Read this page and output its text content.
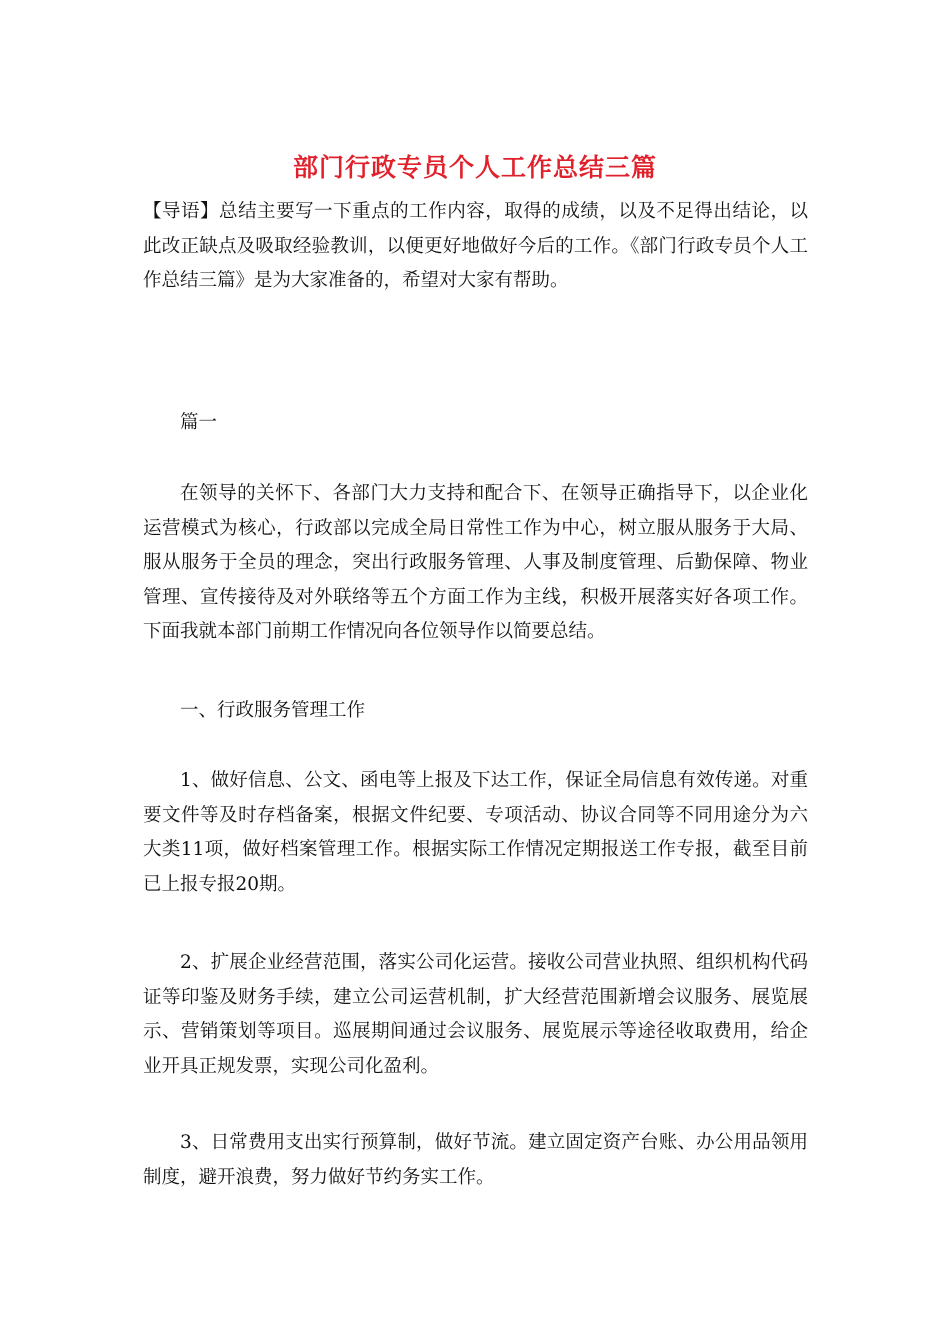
部门行政专员个人工作总结三篇

【导语】总结主要写一下重点的工作内容，取得的成绩，以及不足得出结论，以此改正缺点及吸取经验教训，以便更好地做好今后的工作。《部门行政专员个人工作总结三篇》是为大家准备的，希望对大家有帮助。

篇一

在领导的关怀下、各部门大力支持和配合下、在领导正确指导下，以企业化运营模式为核心，行政部以完成全局日常性工作为中心，树立服从服务于大局、服从服务于全员的理念，突出行政服务管理、人事及制度管理、后勤保障、物业管理、宣传接待及对外联络等五个方面工作为主线，积极开展落实好各项工作。下面我就本部门前期工作情况向各位领导作以简要总结。

一、行政服务管理工作

1、做好信息、公文、函电等上报及下达工作，保证全局信息有效传递。对重要文件等及时存档备案，根据文件纪要、专项活动、协议合同等不同用途分为六大类11项，做好档案管理工作。根据实际工作情况定期报送工作专报，截至目前已上报专报20期。

2、扩展企业经营范围，落实公司化运营。接收公司营业执照、组织机构代码证等印鉴及财务手续，建立公司运营机制，扩大经营范围新增会议服务、展览展示、营销策划等项目。巡展期间通过会议服务、展览展示等途径收取费用，给企业开具正规发票，实现公司化盈利。

3、日常费用支出实行预算制，做好节流。建立固定资产台账、办公用品领用制度，避开浪费，努力做好节约务实工作。
